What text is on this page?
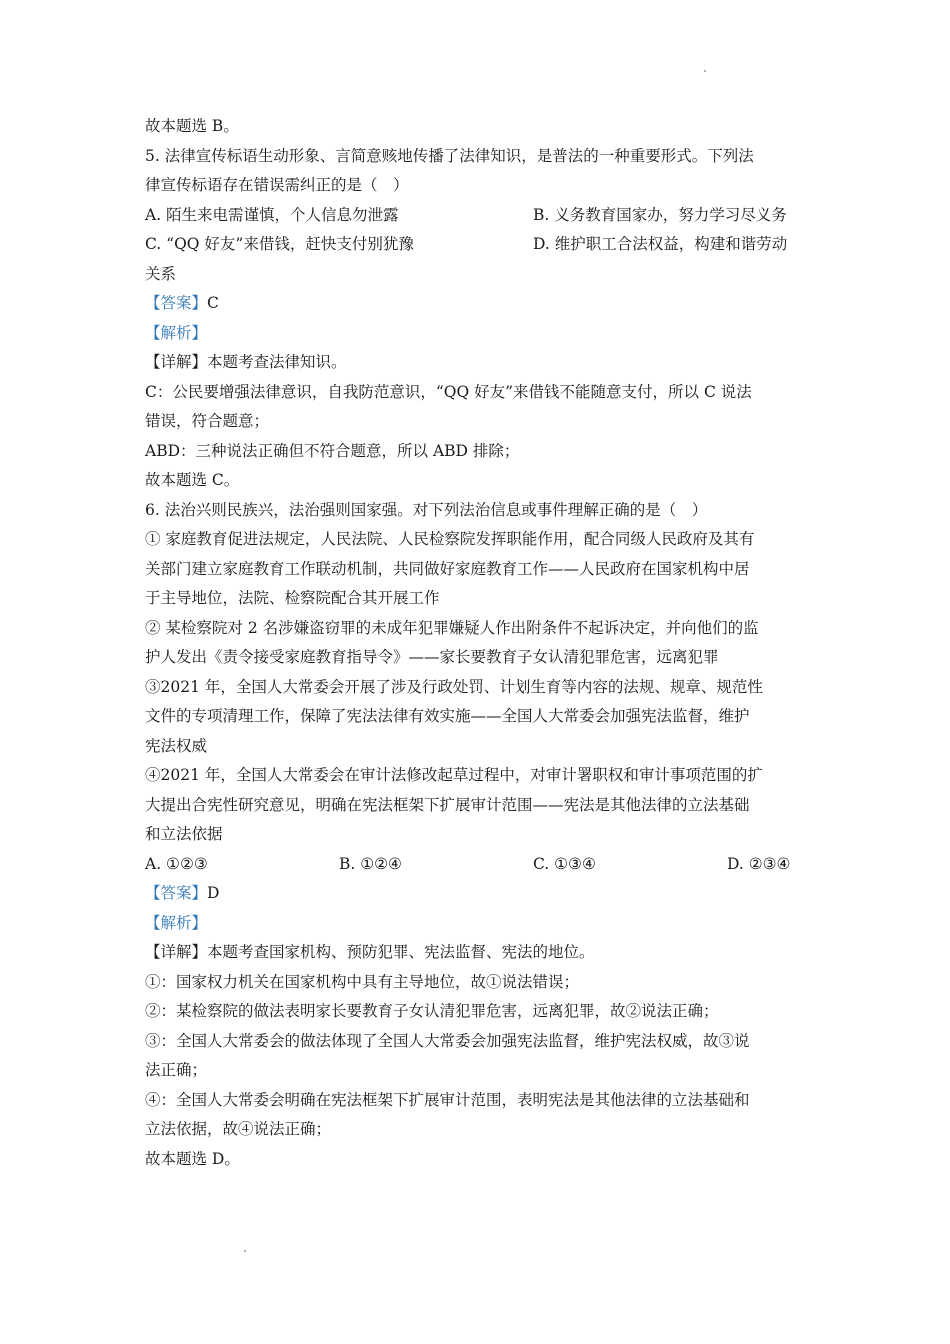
故本题选 B。
5. 法律宣传标语生动形象、言简意赅地传播了法律知识，是普法的一种重要形式。下列法
律宣传标语存在错误需纠正的是（　）
A. 陌生来电需谨慎，个人信息勿泄露	B. 义务教育国家办，努力学习尽义务
C. “QQ 好友”来借钱，赶快支付别犹豫	D. 维护职工合法权益，构建和谐劳动
关系
【答案】C
【解析】
【详解】本题考查法律知识。
C：公民要增强法律意识，自我防范意识，“QQ 好友”来借钱不能随意支付，所以 C 说法
错误，符合题意；
ABD：三种说法正确但不符合题意，所以 ABD 排除；
故本题选 C。
6. 法治兴则民族兴，法治强则国家强。对下列法治信息或事件理解正确的是（　）
① 家庭教育促进法规定，人民法院、人民检察院发挥职能作用，配合同级人民政府及其有
关部门建立家庭教育工作联动机制，共同做好家庭教育工作——人民政府在国家机构中居
于主导地位，法院、检察院配合其开展工作
② 某检察院对 2 名涉嫌盗窃罪的未成年犯罪嫌疑人作出附条件不起诉决定，并向他们的监
护人发出《责令接受家庭教育指导令》——家长要教育子女认清犯罪危害，远离犯罪
③2021 年，全国人大常委会开展了涉及行政处罚、计划生育等内容的法规、规章、规范性
文件的专项清理工作，保障了宪法法律有效实施——全国人大常委会加强宪法监督，维护
宪法权威
④2021 年，全国人大常委会在审计法修改起草过程中，对审计署职权和审计事项范围的扩
大提出合宪性研究意见，明确在宪法框架下扩展审计范围——宪法是其他法律的立法基础
和立法依据
A. ①②③	B. ①②④	C. ①③④	D. ②③④
【答案】D
【解析】
【详解】本题考查国家机构、预防犯罪、宪法监督、宪法的地位。
①：国家权力机关在国家机构中具有主导地位，故①说法错误；
②：某检察院的做法表明家长要教育子女认清犯罪危害，远离犯罪，故②说法正确；
③：全国人大常委会的做法体现了全国人大常委会加强宪法监督，维护宪法权威，故③说
法正确；
④：全国人大常委会明确在宪法框架下扩展审计范围，表明宪法是其他法律的立法基础和
立法依据，故④说法正确；
故本题选 D。
